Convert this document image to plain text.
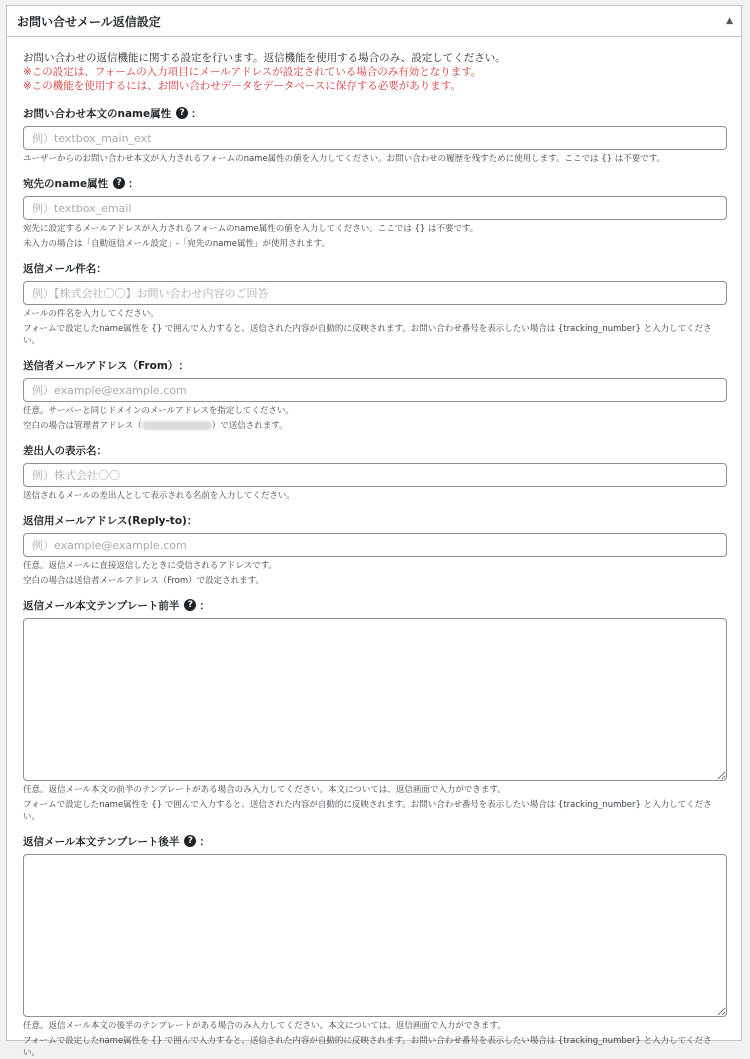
お問い合せメール返信設定	▲

お問い合わせの返信機能に関する設定を行います。返信機能を使用する場合のみ、設定してください。

※この設定は、フォームの入力項目にメールアドレスが設定されている場合のみ有効となります。

※この機能を使用するには、お問い合わせデータをデータベースに保存する必要があります。

お問い合わせ本文のname属性 ? ：
例）textbox_main_ext

ユーザーからのお問い合わせ本文が入力されるフォームのname属性の値を入力してください。お問い合わせの履歴を残すために使用します。ここでは {} は不要です。

宛先のname属性 ? ：
例）textbox_email

宛先に設定するメールアドレスが入力されるフォームのname属性の値を入力してください。ここでは {} は不要です。

未入力の場合は「自動返信メール設定」-「宛先のname属性」が使用されます。

返信メール件名 ：
例）【株式会社〇〇】お問い合わせ内容のご回答

メールの件名を入力してください。

フォームで設定したname属性を {} で囲んで入力すると、送信された内容が自動的に反映されます。お問い合わせ番号を表示したい場合は {tracking_number} と入力してください。

送信者メールアドレス（From） ：
例）example@example.com

任意。サーバーと同じドメインのメールアドレスを指定してください。

空白の場合は管理者アドレス（	）で送信されます。

差出人の表示名 ：
例）株式会社〇〇

送信されるメールの差出人として表示される名前を入力してください。

返信用メールアドレス(Reply-to) ：
例）example@example.com

任意。返信メールに直接返信したときに受信されるアドレスです。

空白の場合は送信者メールアドレス（From）で設定されます。

返信メール本文テンプレート前半 ? ：

任意。返信メール本文の前半のテンプレートがある場合のみ入力してください。本文については、返信画面で入力ができます。

フォームで設定したname属性を {} で囲んで入力すると、送信された内容が自動的に反映されます。お問い合わせ番号を表示したい場合は {tracking_number} と入力してください。

返信メール本文テンプレート後半 ? ：

任意。返信メール本文の後半のテンプレートがある場合のみ入力してください。本文については、返信画面で入力ができます。

フォームで設定したname属性を {} で囲んで入力すると、送信された内容が自動的に反映されます。お問い合わせ番号を表示したい場合は {tracking_number} と入力してください。
